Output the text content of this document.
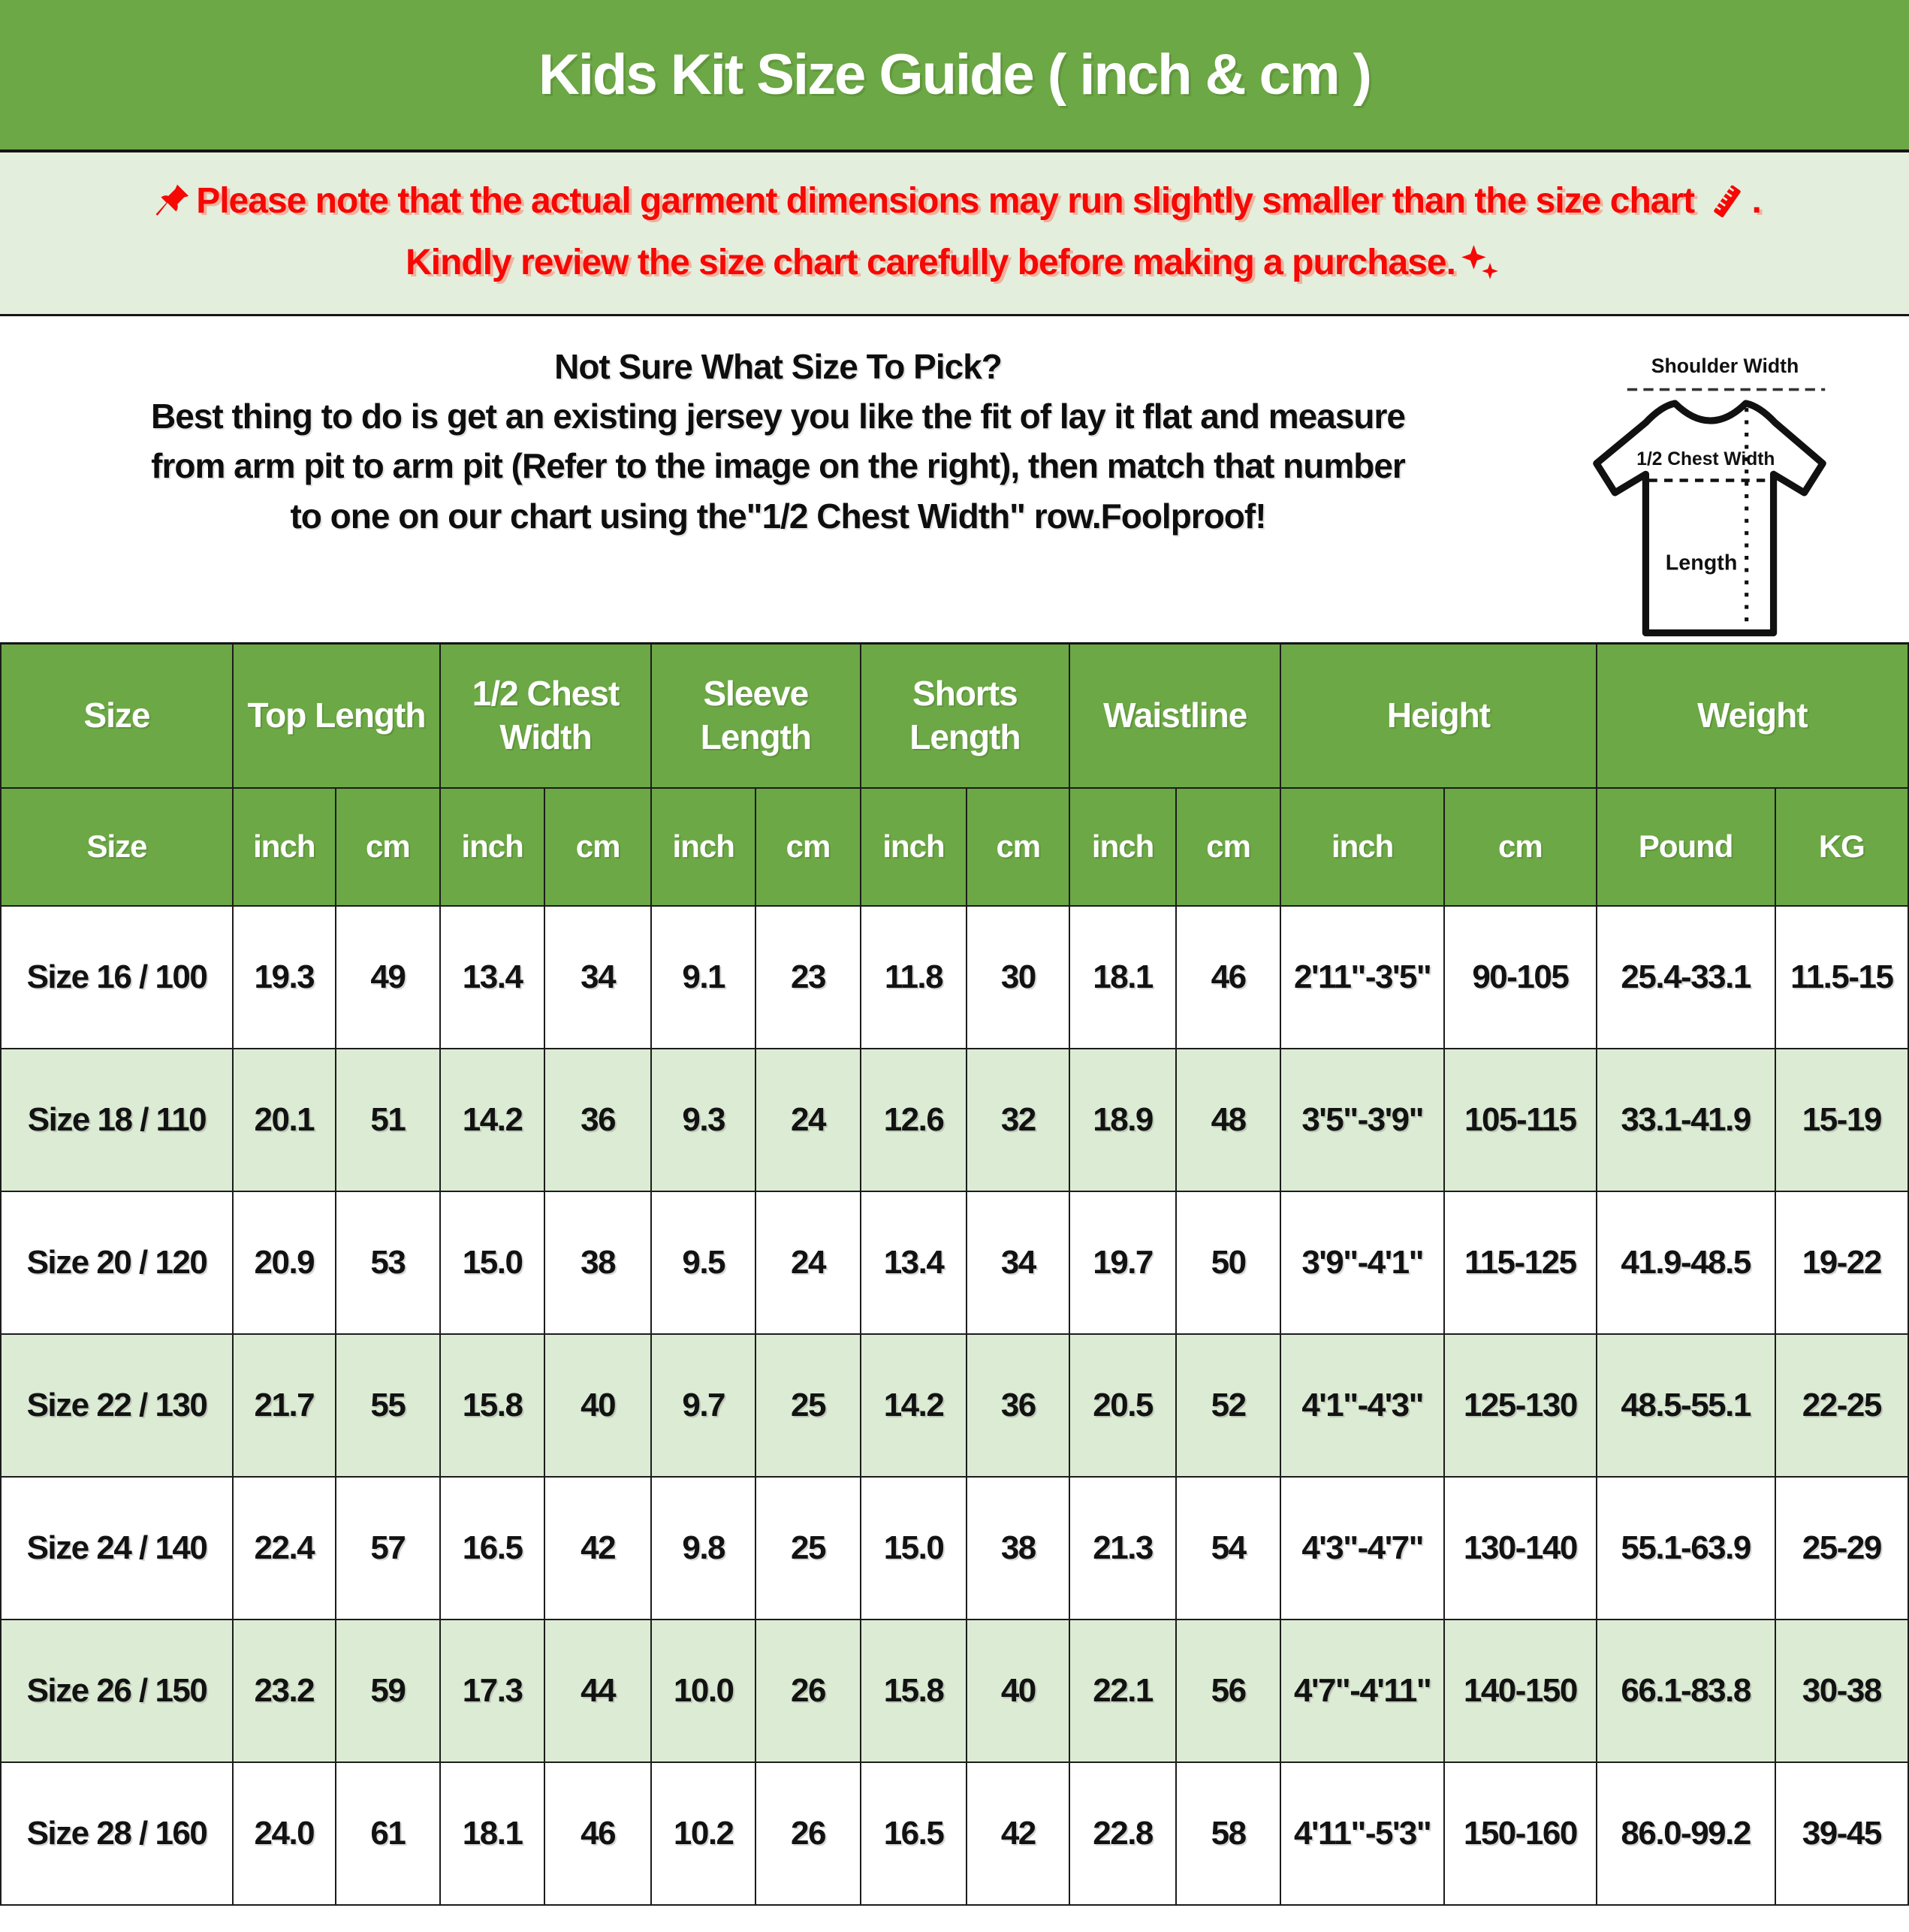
Kids Kit Size Guide ( inch & cm )
Please note that the actual garment dimensions may run slightly smaller than the size chart .
Kindly review the size chart carefully before making a purchase.
Not Sure What Size To Pick?
Best thing to do is get an existing jersey you like the fit of lay it flat and measure
from arm pit to arm pit (Refer to the image on the right), then match that number
to one on our chart using the"1/2 Chest Width" row.Foolproof!
Shoulder Width
1/2 Chest Width
Length
Size	Top Length		1/2 Chest Width		Sleeve Length		Shorts Length		Waistline		Height		Weight	
Size	inch	cm	inch	cm	inch	cm	inch	cm	inch	cm	inch	cm	Pound	KG
Size 16 / 100	19.3	49	13.4	34	9.1	23	11.8	30	18.1	46	2'11"-3'5"	90-105	25.4-33.1	11.5-15
Size 18 / 110	20.1	51	14.2	36	9.3	24	12.6	32	18.9	48	3'5"-3'9"	105-115	33.1-41.9	15-19
Size 20 / 120	20.9	53	15.0	38	9.5	24	13.4	34	19.7	50	3'9"-4'1"	115-125	41.9-48.5	19-22
Size 22 / 130	21.7	55	15.8	40	9.7	25	14.2	36	20.5	52	4'1"-4'3"	125-130	48.5-55.1	22-25
Size 24 / 140	22.4	57	16.5	42	9.8	25	15.0	38	21.3	54	4'3"-4'7"	130-140	55.1-63.9	25-29
Size 26 / 150	23.2	59	17.3	44	10.0	26	15.8	40	22.1	56	4'7"-4'11"	140-150	66.1-83.8	30-38
Size 28 / 160	24.0	61	18.1	46	10.2	26	16.5	42	22.8	58	4'11"-5'3"	150-160	86.0-99.2	39-45
